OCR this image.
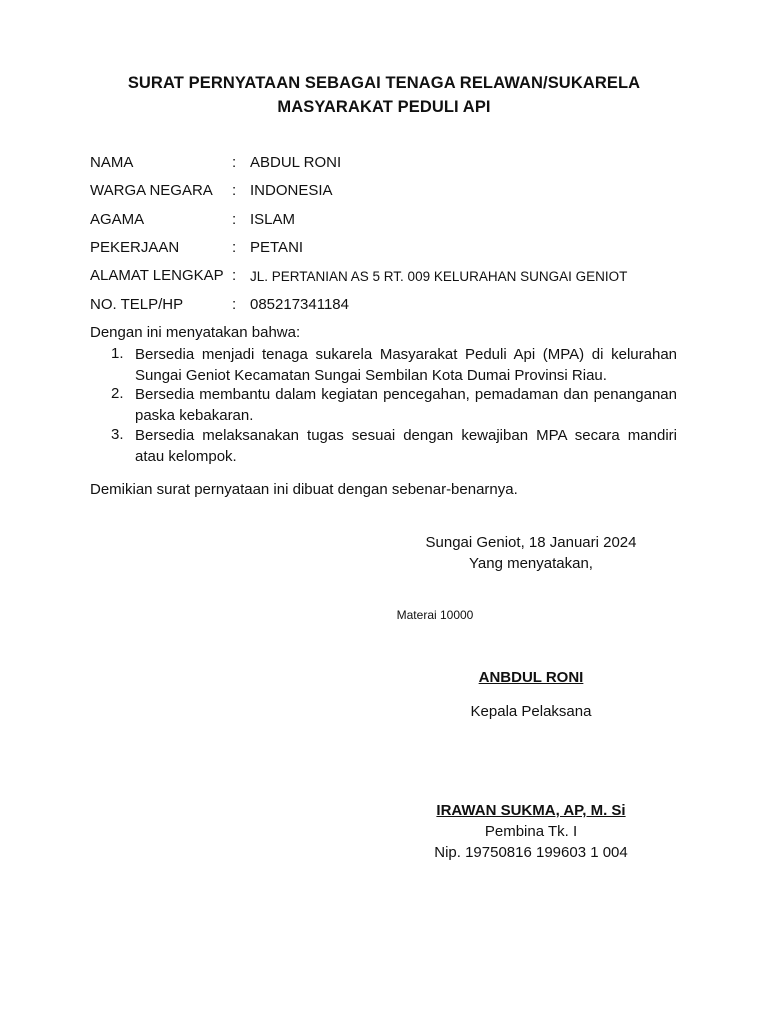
SURAT PERNYATAAN SEBAGAI TENAGA RELAWAN/SUKARELA
MASYARAKAT PEDULI API
NAMA	: ABDUL RONI
WARGA NEGARA : INDONESIA
AGAMA	: ISLAM
PEKERJAAN	: PETANI
ALAMAT LENGKAP : JL. PERTANIAN AS 5 RT. 009 KELURAHAN SUNGAI GENIOT
NO. TELP/HP	: 085217341184
Dengan ini menyatakan bahwa:
1. Bersedia menjadi tenaga sukarela Masyarakat Peduli Api (MPA) di kelurahan Sungai Geniot Kecamatan Sungai Sembilan Kota Dumai Provinsi Riau.
2. Bersedia membantu dalam kegiatan pencegahan, pemadaman dan penanganan paska kebakaran.
3. Bersedia melaksanakan tugas sesuai dengan kewajiban MPA secara mandiri atau kelompok.
Demikian surat pernyataan ini dibuat dengan sebenar-benarnya.
Sungai Geniot, 18 Januari 2024
Yang menyatakan,
Materai 10000
ANBDUL RONI
Kepala Pelaksana
IRAWAN SUKMA, AP, M. Si
Pembina Tk. I
Nip. 19750816 199603 1 004
